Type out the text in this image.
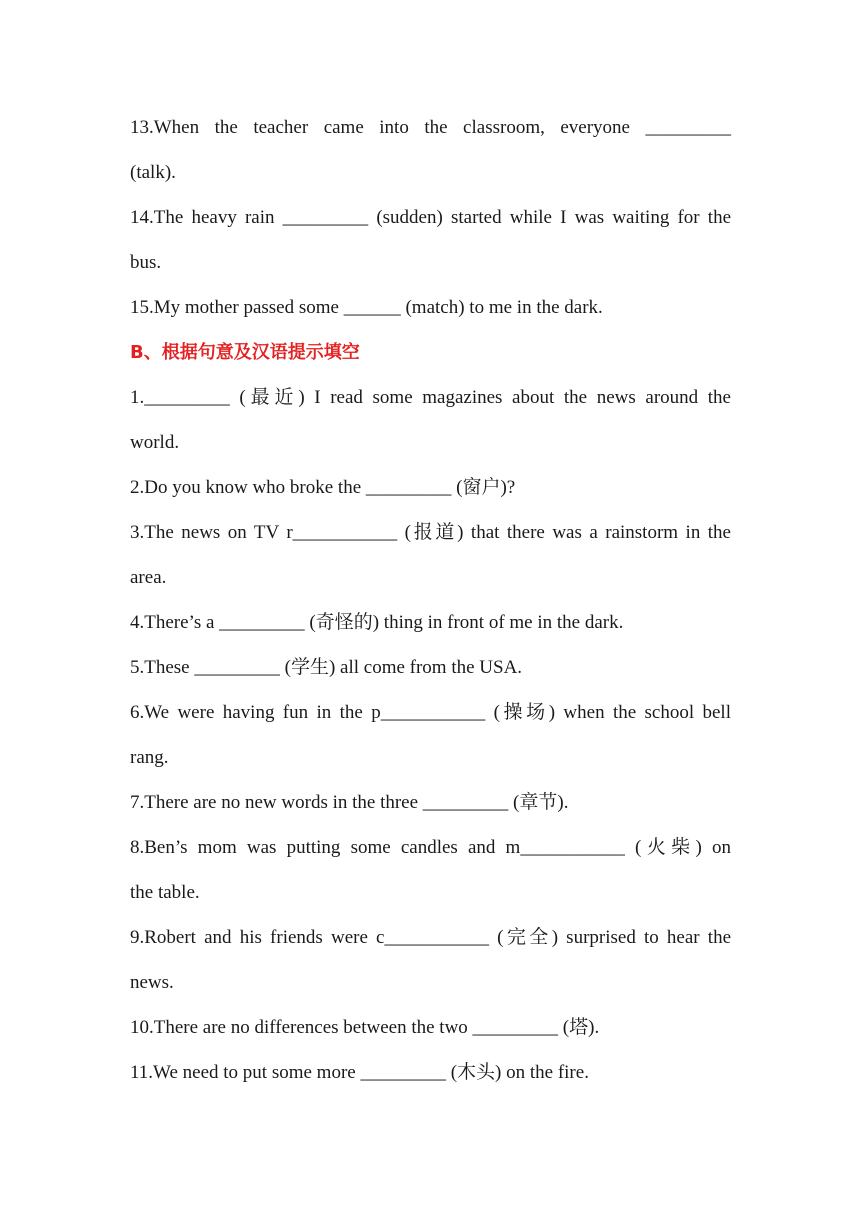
13.When the teacher came into the classroom, everyone _________
(talk).
14.The heavy rain _________ (sudden) started while I was waiting for the
bus.
15.My mother passed some ______ (match) to me in the dark.
B、根据句意及汉语提示填空
1._________ (最近) I read some magazines about the news around the
world.
2.Do you know who broke the _________ (窗户)?
3.The news on TV r___________ (报道) that there was a rainstorm in the
area.
4.There’s a _________ (奇怪的) thing in front of me in the dark.
5.These _________ (学生) all come from the USA.
6.We were having fun in the p___________ (操场) when the school bell
rang.
7.There are no new words in the three _________ (章节).
8.Ben’s mom was putting some candles and m___________ (火柴) on
the table.
9.Robert and his friends were c___________ (完全) surprised to hear the
news.
10.There are no differences between the two _________ (塔).
11.We need to put some more _________ (木头) on the fire.
